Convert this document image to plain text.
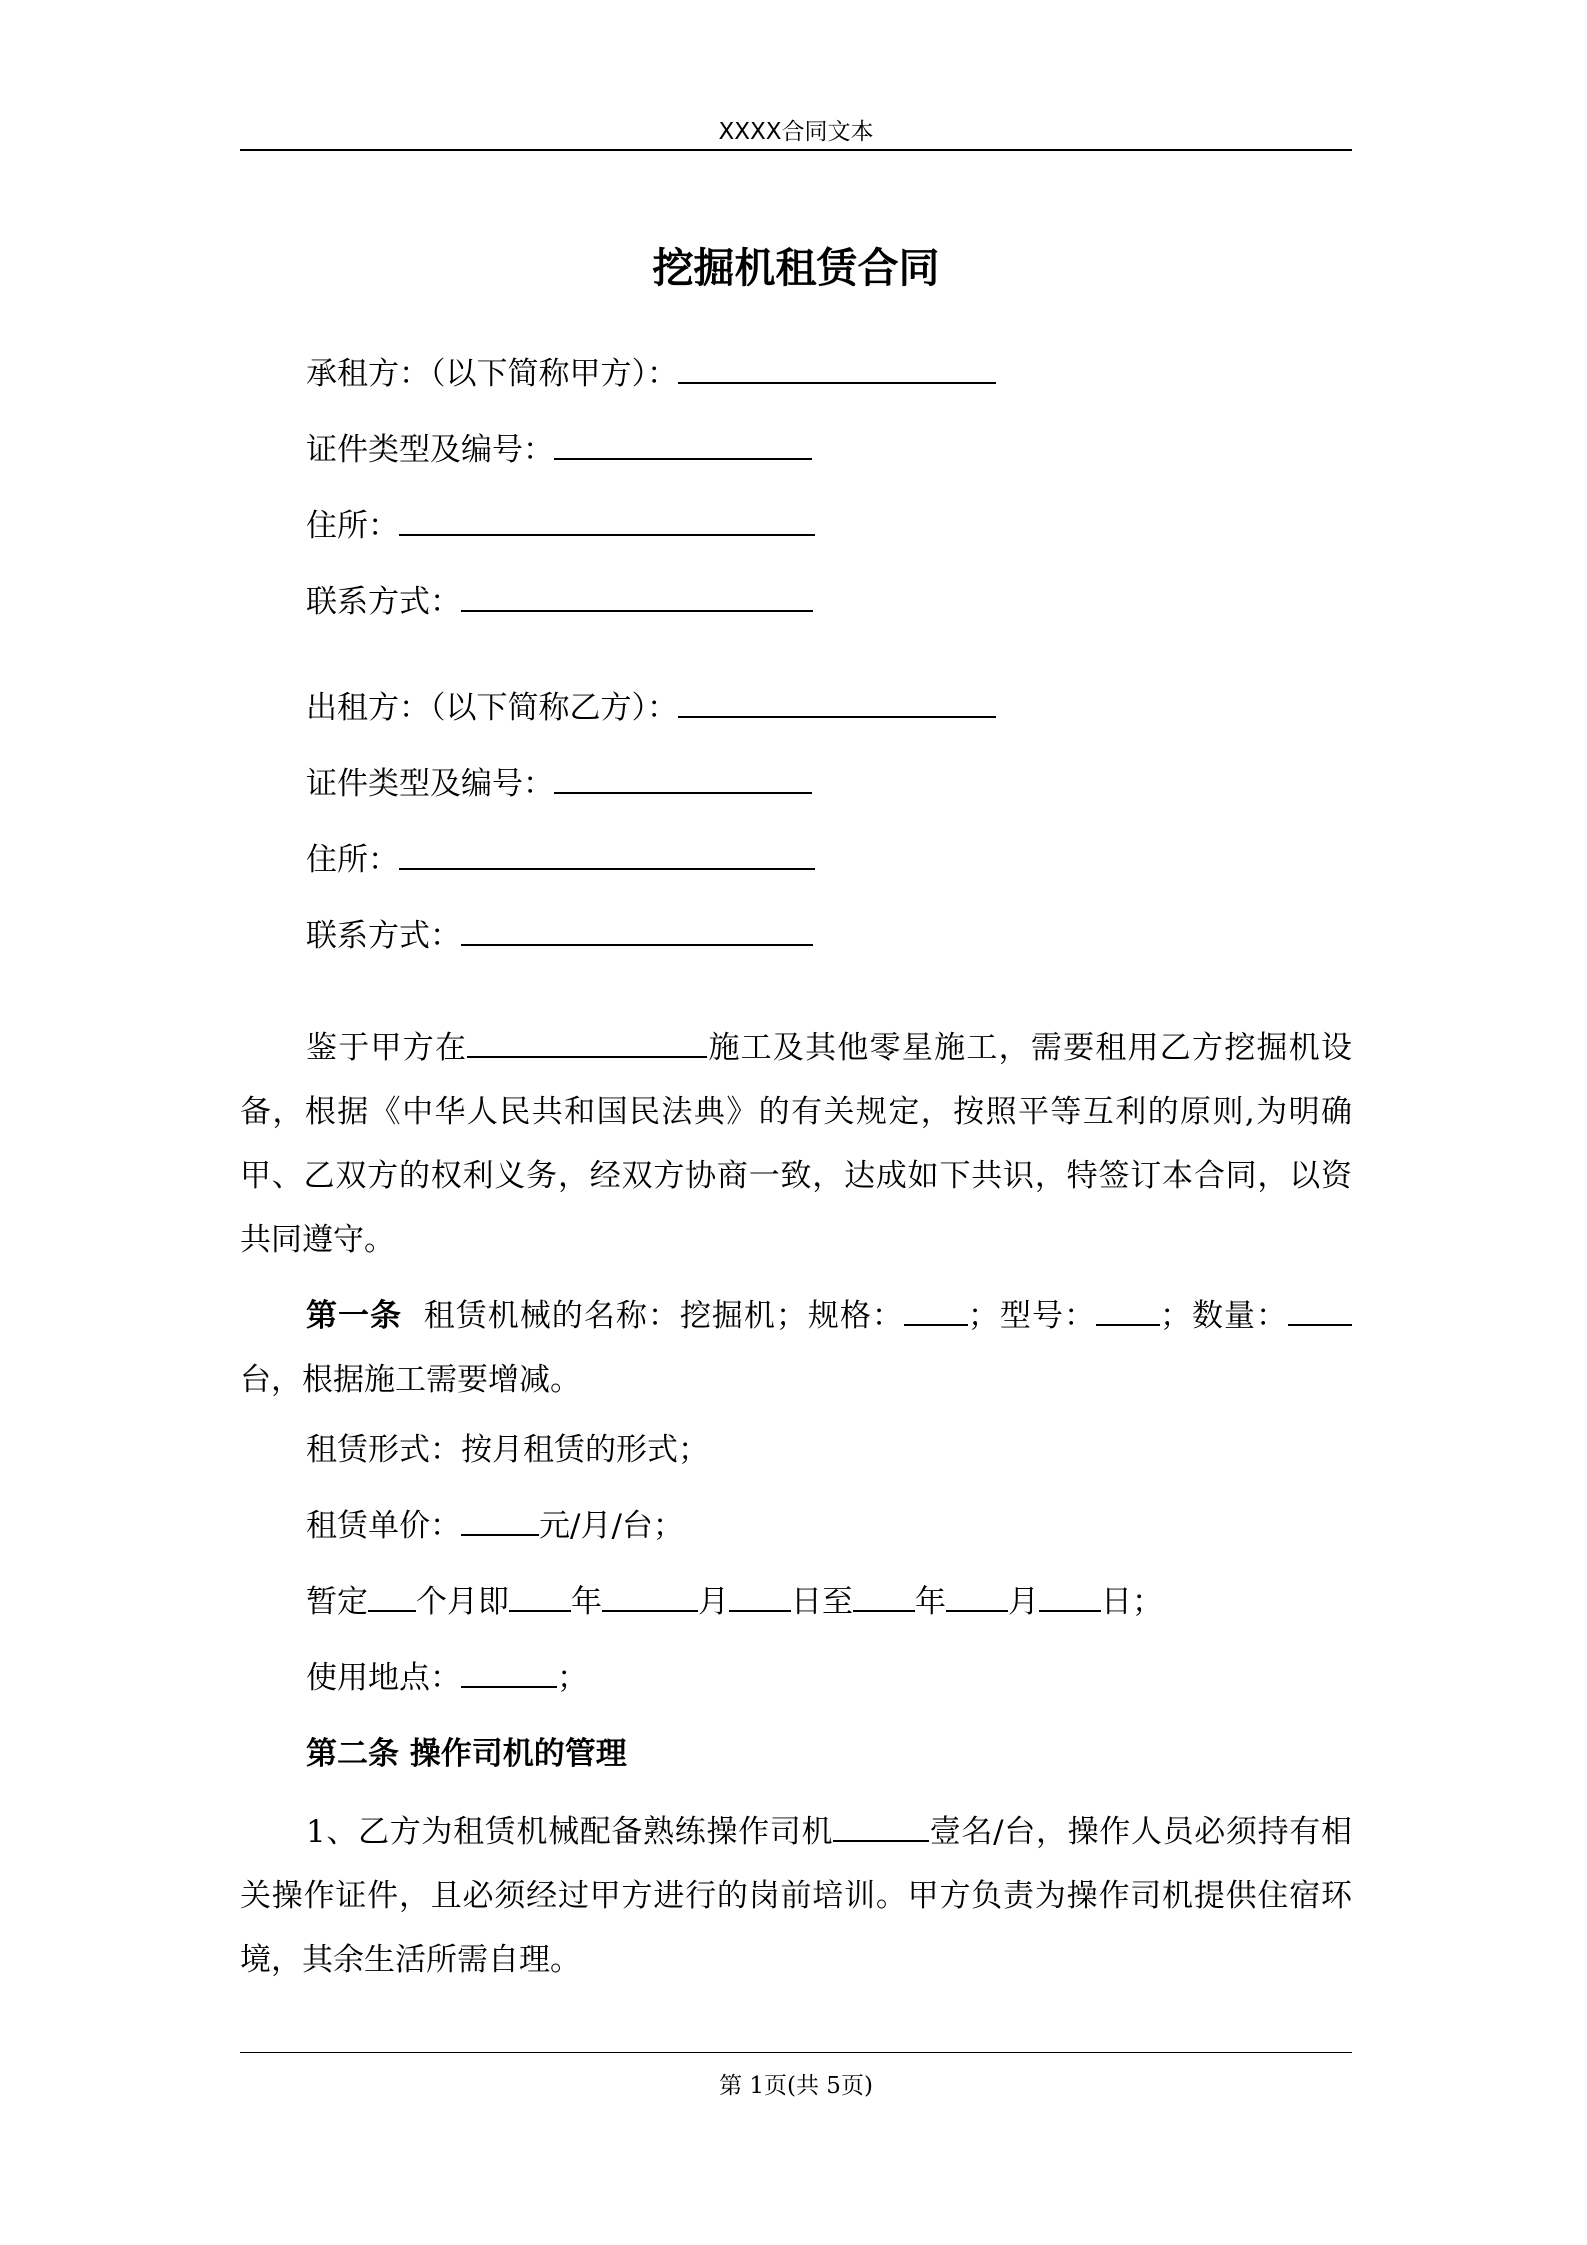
XXXX合同文本
挖掘机租赁合同
承租方：（以下简称甲方）：
证件类型及编号：
住所：
联系方式：
出租方：（以下简称乙方）：
证件类型及编号：
住所：
联系方式：
鉴于甲方在	施工及其他零星施工，需要租用乙方挖掘机设备，根据《中华人民共和国民法典》的有关规定，按照平等互利的原则,为明确甲、乙双方的权利义务，经双方协商一致，达成如下共识，特签订本合同，以资共同遵守。
第一条 租赁机械的名称：挖掘机；规格： ；型号： ；数量：台，根据施工需要增减。
租赁形式：按月租赁的形式；
租赁单价：	元/月/台；
暂定 个月即 年	月 日至 年 月 日；
使用地点：	；
第二条 操作司机的管理
1、乙方为租赁机械配备熟练操作司机	壹名/台，操作人员必须持有相关操作证件，且必须经过甲方进行的岗前培训。甲方负责为操作司机提供住宿环境，其余生活所需自理。
第 1页(共 5页)
